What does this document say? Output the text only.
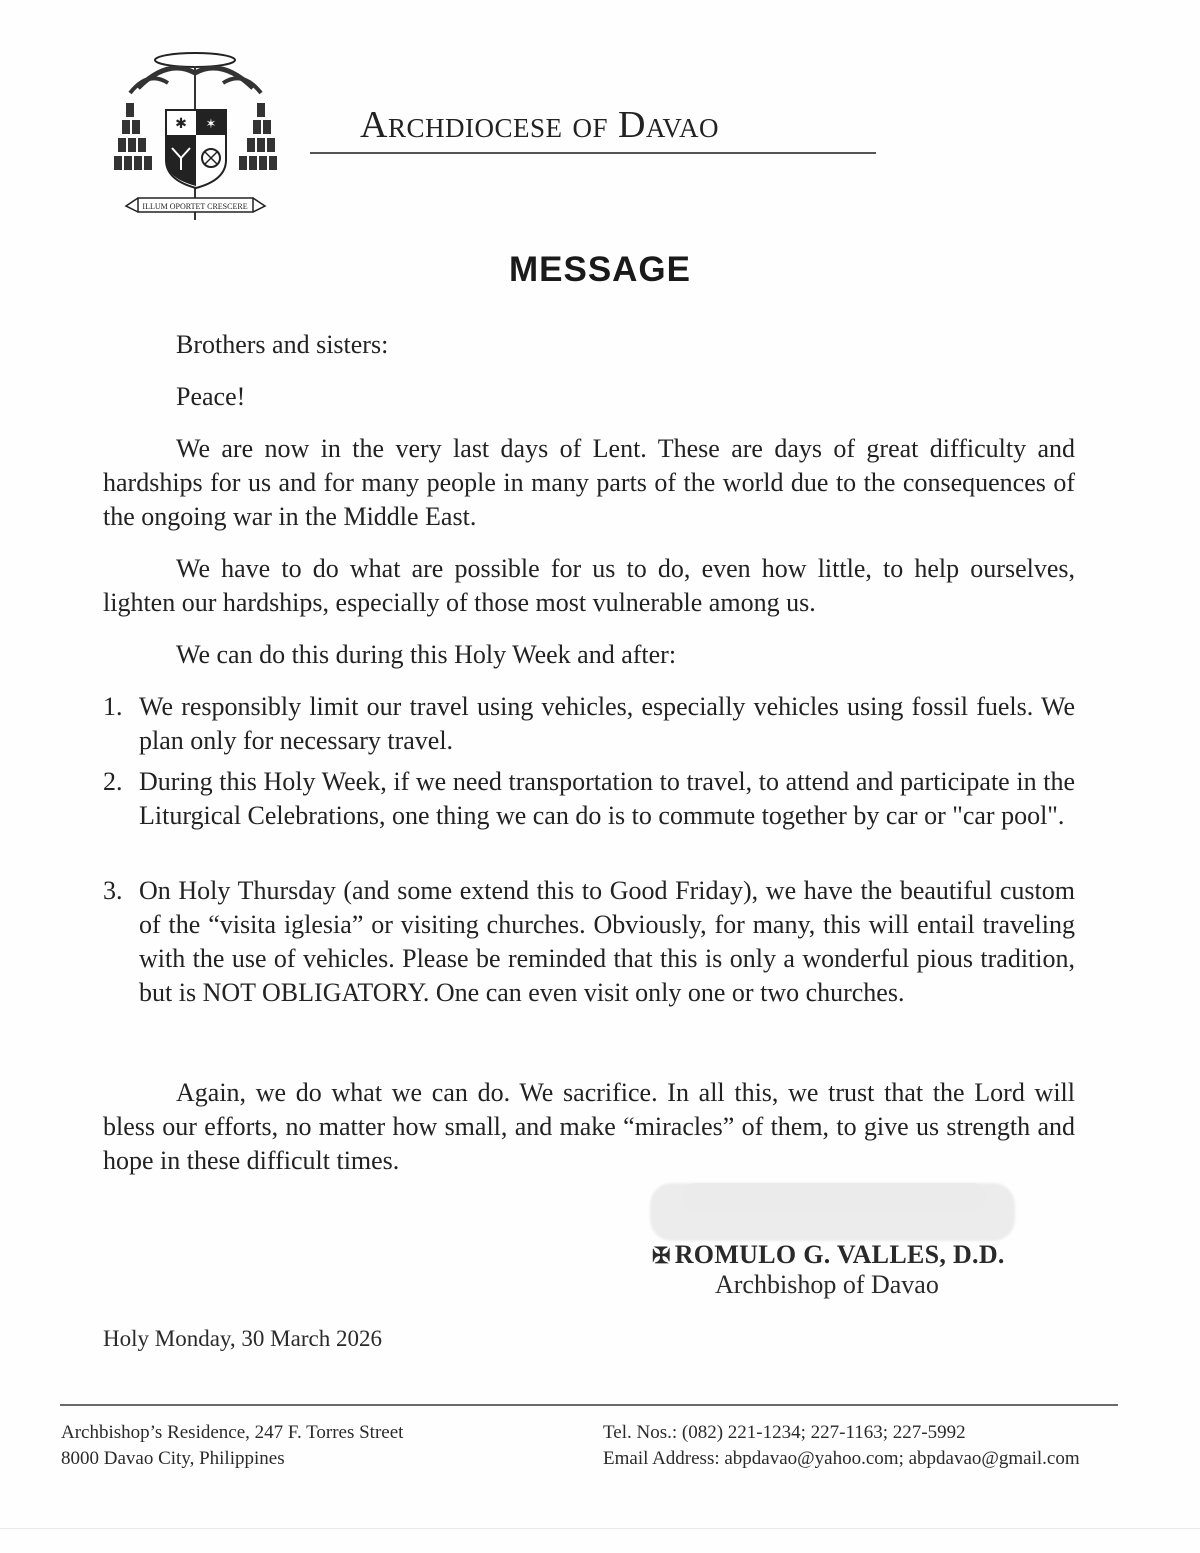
✱ ✶
ILLUM OPORTET CRESCERE
Archdiocese of Davao
MESSAGE
Brothers and sisters:
Peace!
We are now in the very last days of Lent. These are days of great difficulty and hardships for us and for many people in many parts of the world due to the consequences of the ongoing war in the Middle East.
We have to do what are possible for us to do, even how little, to help ourselves, lighten our hardships, especially of those most vulnerable among us.
We can do this during this Holy Week and after:
1. We responsibly limit our travel using vehicles, especially vehicles using fossil fuels. We plan only for necessary travel.
2. During this Holy Week, if we need transportation to travel, to attend and participate in the Liturgical Celebrations, one thing we can do is to commute together by car or "car pool".
3. On Holy Thursday (and some extend this to Good Friday), we have the beautiful custom of the “visita iglesia” or visiting churches. Obviously, for many, this will entail traveling with the use of vehicles. Please be reminded that this is only a wonderful pious tradition, but is NOT OBLIGATORY. One can even visit only one or two churches.
Again, we do what we can do. We sacrifice. In all this, we trust that the Lord will bless our efforts, no matter how small, and make “miracles” of them, to give us strength and hope in these difficult times.
✠ ROMULO G. VALLES, D.D.
Archbishop of Davao
Holy Monday, 30 March 2026
Archbishop’s Residence, 247 F. Torres Street
8000 Davao City, Philippines
Tel. Nos.: (082) 221-1234; 227-1163; 227-5992
Email Address: abpdavao@yahoo.com; abpdavao@gmail.com
